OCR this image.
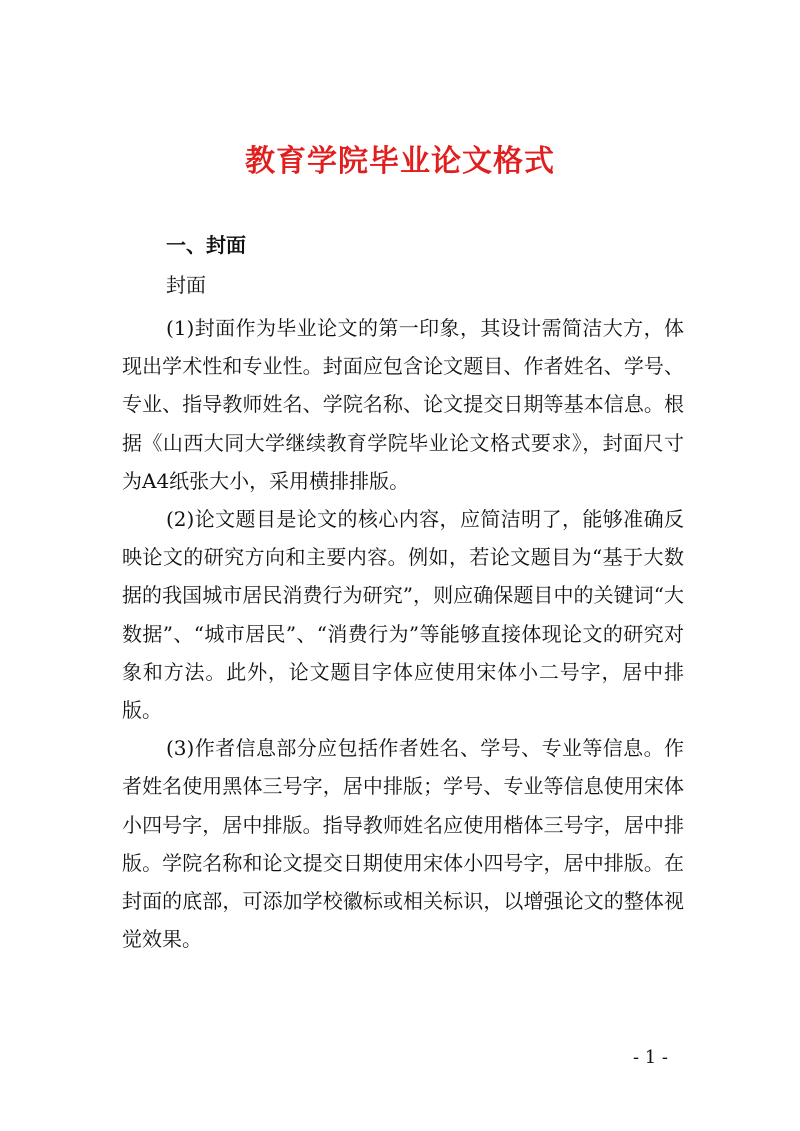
教育学院毕业论文格式
一、封面
封面

(1)封面作为毕业论文的第一印象，其设计需简洁大方，体现出学术性和专业性。封面应包含论文题目、作者姓名、学号、专业、指导教师姓名、学院名称、论文提交日期等基本信息。根据《山西大同大学继续教育学院毕业论文格式要求》，封面尺寸为A4纸张大小，采用横排排版。

(2)论文题目是论文的核心内容，应简洁明了，能够准确反映论文的研究方向和主要内容。例如，若论文题目为“基于大数据的我国城市居民消费行为研究”，则应确保题目中的关键词“大数据”、“城市居民”、“消费行为”等能够直接体现论文的研究对象和方法。此外，论文题目字体应使用宋体小二号字，居中排版。

(3)作者信息部分应包括作者姓名、学号、专业等信息。作者姓名使用黑体三号字，居中排版；学号、专业等信息使用宋体小四号字，居中排版。指导教师姓名应使用楷体三号字，居中排版。学院名称和论文提交日期使用宋体小四号字，居中排版。在封面的底部，可添加学校徽标或相关标识，以增强论文的整体视觉效果。

- 1 -
